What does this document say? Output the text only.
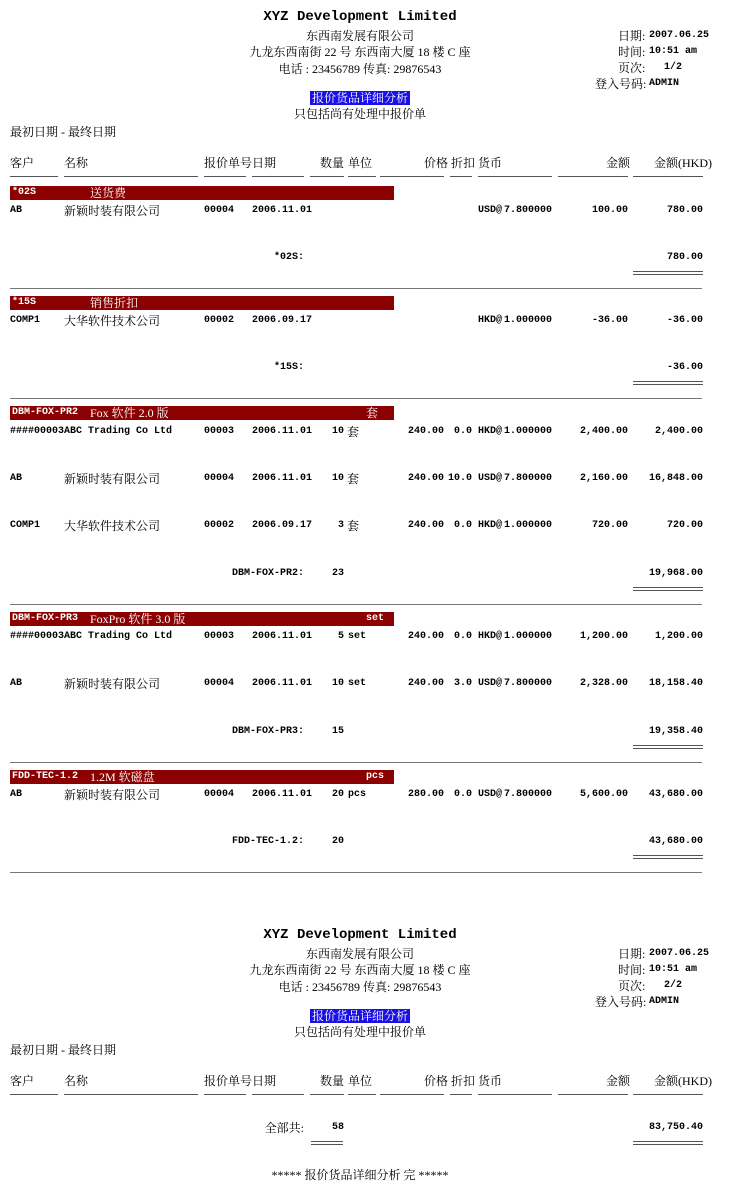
XYZ Development Limited
东西南发展有限公司
九龙东西南街 22 号 东西南大厦 18 楼 C 座
电话 : 23456789 传真: 29876543
日期: 2007.06.25
时间: 10:51 am
页次: 1/2
登入号码: ADMIN
报价货品详细分析
只包括尚有处理中报价单
最初日期 - 最终日期
客户 名称	报价单号 日期	数量 单位	价格 折扣 货币	金额 金额(HKD)
*02S	送货费
AB	新颖时装有限公司	00004 2006.11.01	USD@ 7.800000	100.00	780.00
*02S:	780.00
*15S	销售折扣
COMP1 大华软件技术公司	00002 2006.09.17	HKD@ 1.000000	-36.00	-36.00
*15S:	-36.00
DBM-FOX-PR2 Fox 软件 2.0 版	套
####00003 ABC Trading Co Ltd	00003 2006.11.01	10 套	240.00 0.0 HKD@ 1.000000	2,400.00	2,400.00
AB	新颖时装有限公司	00004 2006.11.01	10 套	240.00 10.0 USD@ 7.800000	2,160.00	16,848.00
COMP1 大华软件技术公司	00002 2006.09.17	3 套	240.00 0.0 HKD@ 1.000000	720.00	720.00
DBM-FOX-PR2:	23	19,968.00
DBM-FOX-PR3 FoxPro 软件 3.0 版	set
####00003 ABC Trading Co Ltd	00003 2006.11.01	5 set	240.00 0.0 HKD@ 1.000000	1,200.00	1,200.00
AB	新颖时装有限公司	00004 2006.11.01	10 set	240.00 3.0 USD@ 7.800000	2,328.00	18,158.40
DBM-FOX-PR3:	15	19,358.40
FDD-TEC-1.2 1.2M 软磁盘	pcs
AB	新颖时装有限公司	00004 2006.11.01	20 pcs	280.00 0.0 USD@ 7.800000	5,600.00	43,680.00
FDD-TEC-1.2:	20	43,680.00
XYZ Development Limited
东西南发展有限公司
九龙东西南街 22 号 东西南大厦 18 楼 C 座
电话 : 23456789 传真: 29876543
日期: 2007.06.25
时间: 10:51 am
页次: 2/2
登入号码: ADMIN
报价货品详细分析
只包括尚有处理中报价单
最初日期 - 最终日期
客户 名称	报价单号 日期	数量 单位	价格 折扣 货币	金额 金额(HKD)
全部共:	58	83,750.40
***** 报价货品详细分析 完 *****
